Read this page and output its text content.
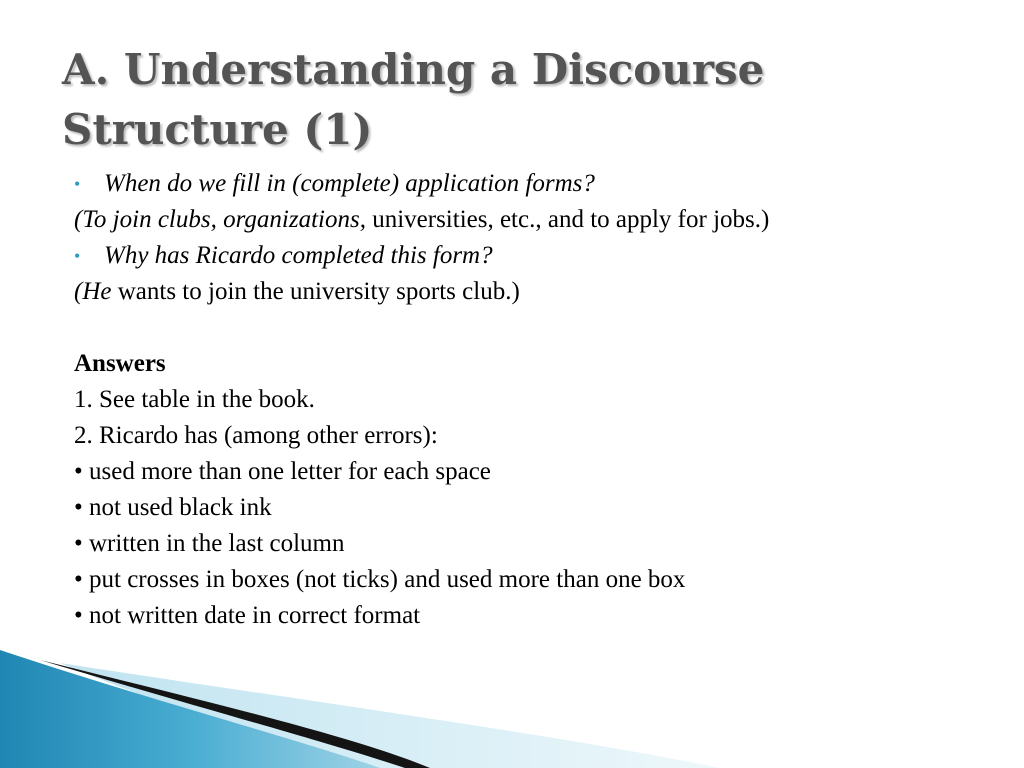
A. Understanding a Discourse
Structure (1)
• When do we fill in (complete) application forms?
(To join clubs, organizations, universities, etc., and to apply for jobs.)
• Why has Ricardo completed this form?
(He wants to join the university sports club.)
Answers
1. See table in the book.
2. Ricardo has (among other errors):
• used more than one letter for each space
• not used black ink
• written in the last column
• put crosses in boxes (not ticks) and used more than one box
• not written date in correct format
